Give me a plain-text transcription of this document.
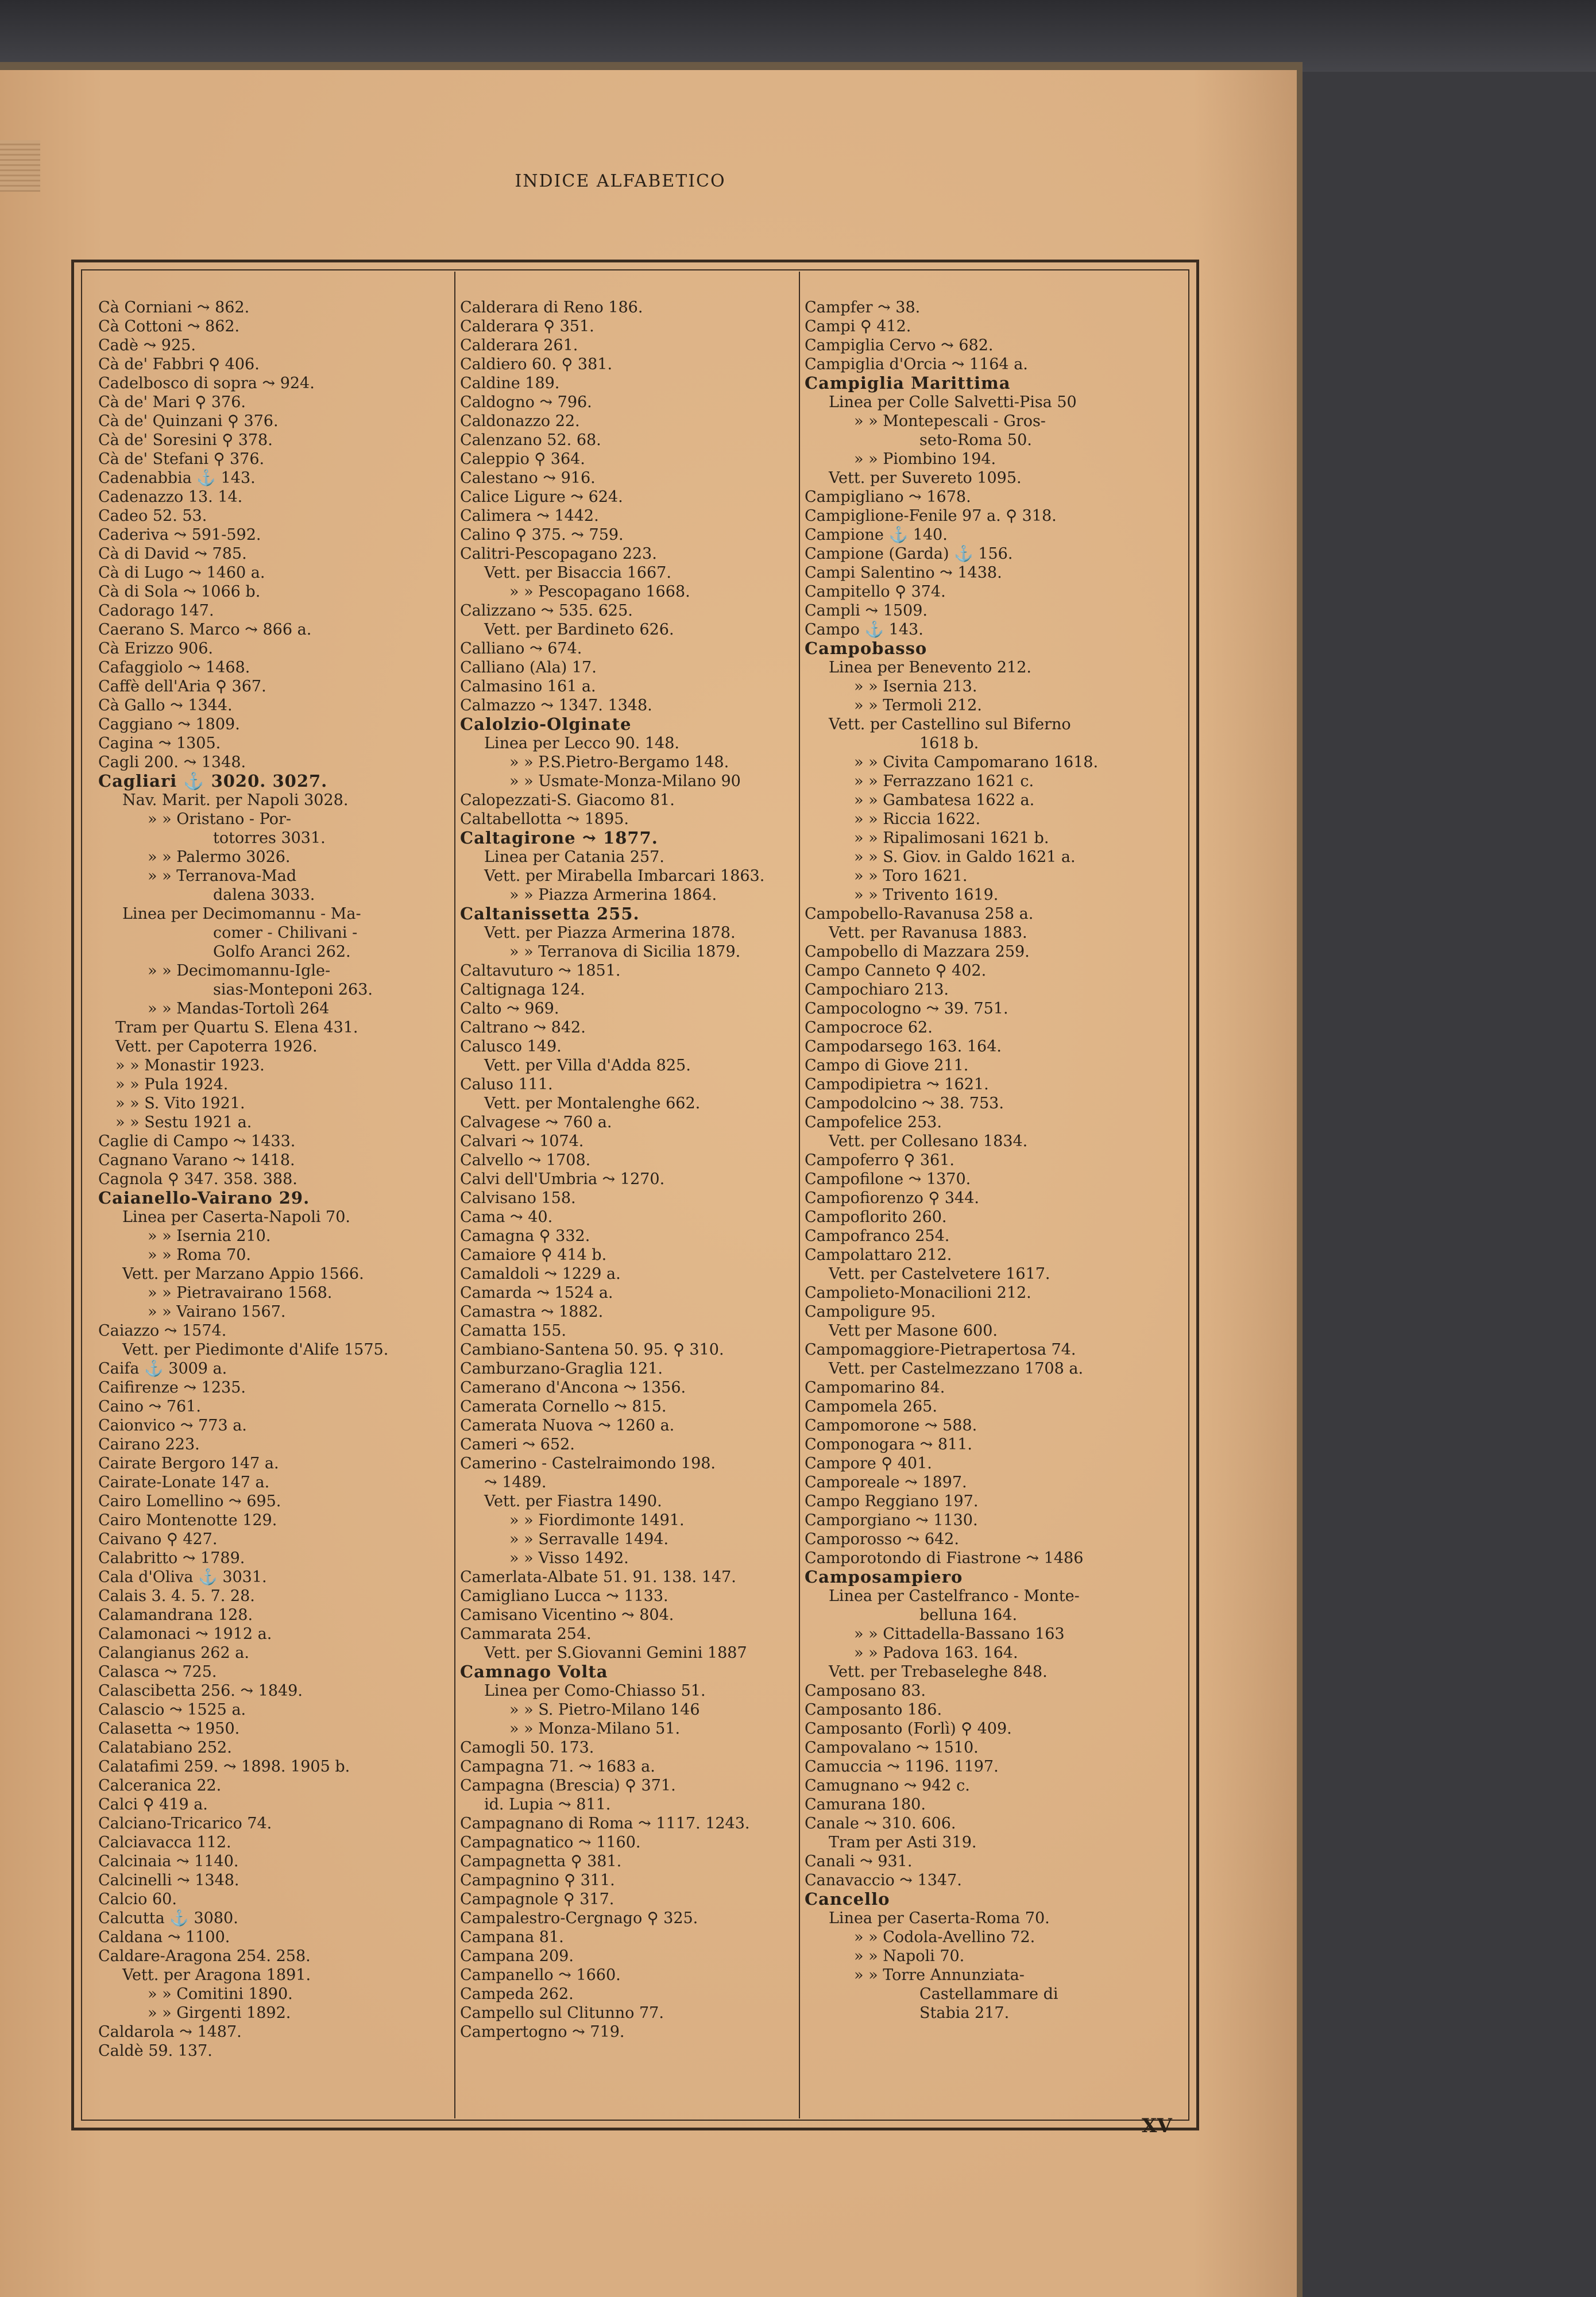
INDICE ALFABETICO
Cà Corniani ⤳ 862.
Cà Cottoni ⤳ 862.
Cadè ⤳ 925.
Cà de' Fabbri ⚲ 406.
Cadelbosco di sopra ⤳ 924.
Cà de' Mari ⚲ 376.
Cà de' Quinzani ⚲ 376.
Cà de' Soresini ⚲ 378.
Cà de' Stefani ⚲ 376.
Cadenabbia ⚓ 143.
Cadenazzo 13. 14.
Cadeo 52. 53.
Caderiva ⤳ 591-592.
Cà di David ⤳ 785.
Cà di Lugo ⤳ 1460 a.
Cà di Sola ⤳ 1066 b.
Cadorago 147.
Caerano S. Marco ⤳ 866 a.
Cà Erizzo 906.
Cafaggiolo ⤳ 1468.
Caffè dell'Aria ⚲ 367.
Cà Gallo ⤳ 1344.
Caggiano ⤳ 1809.
Cagina ⤳ 1305.
Cagli 200. ⤳ 1348.
Cagliari ⚓ 3020. 3027.
Nav. Marit. per Napoli 3028.
» » Oristano - Por-
totorres 3031.
» » Palermo 3026.
» » Terranova-Mad
dalena 3033.
Linea per Decimomannu - Ma-
comer - Chilivani -
Golfo Aranci 262.
» » Decimomannu-Igle-
sias-Monteponi 263.
» » Mandas-Tortolì 264
Tram per Quartu S. Elena 431.
Vett. per Capoterra 1926.
» » Monastir 1923.
» » Pula 1924.
» » S. Vito 1921.
» » Sestu 1921 a.
Caglie di Campo ⤳ 1433.
Cagnano Varano ⤳ 1418.
Cagnola ⚲ 347. 358. 388.
Caianello-Vairano 29.
Linea per Caserta-Napoli 70.
» » Isernia 210.
» » Roma 70.
Vett. per Marzano Appio 1566.
» » Pietravairano 1568.
» » Vairano 1567.
Caiazzo ⤳ 1574.
Vett. per Piedimonte d'Alife 1575.
Caifa ⚓ 3009 a.
Caifirenze ⤳ 1235.
Caino ⤳ 761.
Caionvico ⤳ 773 a.
Cairano 223.
Cairate Bergoro 147 a.
Cairate-Lonate 147 a.
Cairo Lomellino ⤳ 695.
Cairo Montenotte 129.
Caivano ⚲ 427.
Calabritto ⤳ 1789.
Cala d'Oliva ⚓ 3031.
Calais 3. 4. 5. 7. 28.
Calamandrana 128.
Calamonaci ⤳ 1912 a.
Calangianus 262 a.
Calasca ⤳ 725.
Calascibetta 256. ⤳ 1849.
Calascio ⤳ 1525 a.
Calasetta ⤳ 1950.
Calatabiano 252.
Calatafimi 259. ⤳ 1898. 1905 b.
Calceranica 22.
Calci ⚲ 419 a.
Calciano-Tricarico 74.
Calciavacca 112.
Calcinaia ⤳ 1140.
Calcinelli ⤳ 1348.
Calcio 60.
Calcutta ⚓ 3080.
Caldana ⤳ 1100.
Caldare-Aragona 254. 258.
Vett. per Aragona 1891.
» » Comitini 1890.
» » Girgenti 1892.
Caldarola ⤳ 1487.
Caldè 59. 137.
Calderara di Reno 186.
Calderara ⚲ 351.
Calderara 261.
Caldiero 60. ⚲ 381.
Caldine 189.
Caldogno ⤳ 796.
Caldonazzo 22.
Calenzano 52. 68.
Caleppio ⚲ 364.
Calestano ⤳ 916.
Calice Ligure ⤳ 624.
Calimera ⤳ 1442.
Calino ⚲ 375. ⤳ 759.
Calitri-Pescopagano 223.
Vett. per Bisaccia 1667.
» » Pescopagano 1668.
Calizzano ⤳ 535. 625.
Vett. per Bardineto 626.
Calliano ⤳ 674.
Calliano (Ala) 17.
Calmasino 161 a.
Calmazzo ⤳ 1347. 1348.
Calolzio-Olginate
Linea per Lecco 90. 148.
» » P.S.Pietro-Bergamo 148.
» » Usmate-Monza-Milano 90
Calopezzati-S. Giacomo 81.
Caltabellotta ⤳ 1895.
Caltagirone ⤳ 1877.
Linea per Catania 257.
Vett. per Mirabella Imbarcari 1863.
» » Piazza Armerina 1864.
Caltanissetta 255.
Vett. per Piazza Armerina 1878.
» » Terranova di Sicilia 1879.
Caltavuturo ⤳ 1851.
Caltignaga 124.
Calto ⤳ 969.
Caltrano ⤳ 842.
Calusco 149.
Vett. per Villa d'Adda 825.
Caluso 111.
Vett. per Montalenghe 662.
Calvagese ⤳ 760 a.
Calvari ⤳ 1074.
Calvello ⤳ 1708.
Calvi dell'Umbria ⤳ 1270.
Calvisano 158.
Cama ⤳ 40.
Camagna ⚲ 332.
Camaiore ⚲ 414 b.
Camaldoli ⤳ 1229 a.
Camarda ⤳ 1524 a.
Camastra ⤳ 1882.
Camatta 155.
Cambiano-Santena 50. 95. ⚲ 310.
Camburzano-Graglia 121.
Camerano d'Ancona ⤳ 1356.
Camerata Cornello ⤳ 815.
Camerata Nuova ⤳ 1260 a.
Cameri ⤳ 652.
Camerino - Castelraimondo 198.
⤳ 1489.
Vett. per Fiastra 1490.
» » Fiordimonte 1491.
» » Serravalle 1494.
» » Visso 1492.
Camerlata-Albate 51. 91. 138. 147.
Camigliano Lucca ⤳ 1133.
Camisano Vicentino ⤳ 804.
Cammarata 254.
Vett. per S.Giovanni Gemini 1887
Camnago Volta
Linea per Como-Chiasso 51.
» » S. Pietro-Milano 146
» » Monza-Milano 51.
Camogli 50. 173.
Campagna 71. ⤳ 1683 a.
Campagna (Brescia) ⚲ 371.
id. Lupia ⤳ 811.
Campagnano di Roma ⤳ 1117. 1243.
Campagnatico ⤳ 1160.
Campagnetta ⚲ 381.
Campagnino ⚲ 311.
Campagnole ⚲ 317.
Campalestro-Cergnago ⚲ 325.
Campana 81.
Campana 209.
Campanello ⤳ 1660.
Campeda 262.
Campello sul Clitunno 77.
Campertogno ⤳ 719.
Campfer ⤳ 38.
Campi ⚲ 412.
Campiglia Cervo ⤳ 682.
Campiglia d'Orcia ⤳ 1164 a.
Campiglia Marittima
Linea per Colle Salvetti-Pisa 50
» » Montepescali - Gros-
seto-Roma 50.
» » Piombino 194.
Vett. per Suvereto 1095.
Campigliano ⤳ 1678.
Campiglione-Fenile 97 a. ⚲ 318.
Campione ⚓ 140.
Campione (Garda) ⚓ 156.
Campi Salentino ⤳ 1438.
Campitello ⚲ 374.
Campli ⤳ 1509.
Campo ⚓ 143.
Campobasso
Linea per Benevento 212.
» » Isernia 213.
» » Termoli 212.
Vett. per Castellino sul Biferno
1618 b.
» » Civita Campomarano 1618.
» » Ferrazzano 1621 c.
» » Gambatesa 1622 a.
» » Riccia 1622.
» » Ripalimosani 1621 b.
» » S. Giov. in Galdo 1621 a.
» » Toro 1621.
» » Trivento 1619.
Campobello-Ravanusa 258 a.
Vett. per Ravanusa 1883.
Campobello di Mazzara 259.
Campo Canneto ⚲ 402.
Campochiaro 213.
Campocologno ⤳ 39. 751.
Campocroce 62.
Campodarsego 163. 164.
Campo di Giove 211.
Campodipietra ⤳ 1621.
Campodolcino ⤳ 38. 753.
Campofelice 253.
Vett. per Collesano 1834.
Campoferro ⚲ 361.
Campofilone ⤳ 1370.
Campofiorenzo ⚲ 344.
Campoflorito 260.
Campofranco 254.
Campolattaro 212.
Vett. per Castelvetere 1617.
Campolieto-Monacilioni 212.
Campoligure 95.
Vett per Masone 600.
Campomaggiore-Pietrapertosa 74.
Vett. per Castelmezzano 1708 a.
Campomarino 84.
Campomela 265.
Campomorone ⤳ 588.
Componogara ⤳ 811.
Campore ⚲ 401.
Camporeale ⤳ 1897.
Campo Reggiano 197.
Camporgiano ⤳ 1130.
Camporosso ⤳ 642.
Camporotondo di Fiastrone ⤳ 1486
Camposampiero
Linea per Castelfranco - Monte-
belluna 164.
» » Cittadella-Bassano 163
» » Padova 163. 164.
Vett. per Trebaseleghe 848.
Camposano 83.
Camposanto 186.
Camposanto (Forlì) ⚲ 409.
Campovalano ⤳ 1510.
Camuccia ⤳ 1196. 1197.
Camugnano ⤳ 942 c.
Camurana 180.
Canale ⤳ 310. 606.
Tram per Asti 319.
Canali ⤳ 931.
Canavaccio ⤳ 1347.
Cancello
Linea per Caserta-Roma 70.
» » Codola-Avellino 72.
» » Napoli 70.
» » Torre Annunziata-
Castellammare di
Stabia 217.
XV
